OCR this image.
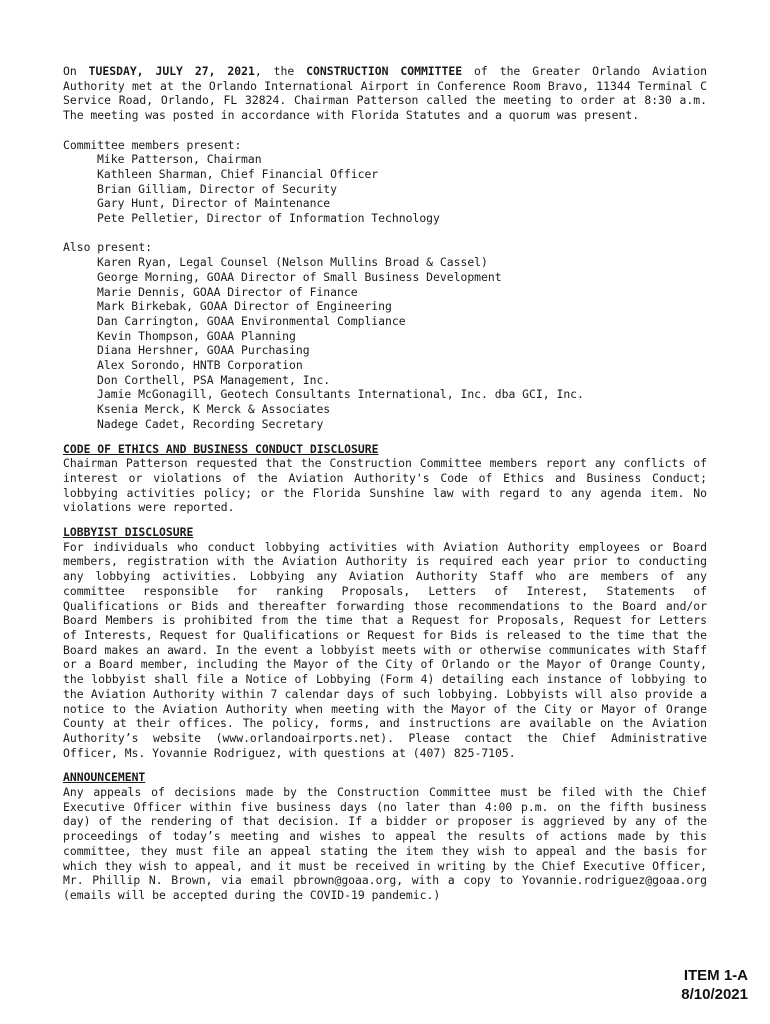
On TUESDAY, JULY 27, 2021, the CONSTRUCTION COMMITTEE of the Greater Orlando Aviation Authority met at the Orlando International Airport in Conference Room Bravo, 11344 Terminal C Service Road, Orlando, FL 32824. Chairman Patterson called the meeting to order at 8:30 a.m. The meeting was posted in accordance with Florida Statutes and a quorum was present.

Committee members present:

Mike Patterson, Chairman
Kathleen Sharman, Chief Financial Officer
Brian Gilliam, Director of Security
Gary Hunt, Director of Maintenance
Pete Pelletier, Director of Information Technology

Also present:

Karen Ryan, Legal Counsel (Nelson Mullins Broad & Cassel)
George Morning, GOAA Director of Small Business Development
Marie Dennis, GOAA Director of Finance
Mark Birkebak, GOAA Director of Engineering
Dan Carrington, GOAA Environmental Compliance
Kevin Thompson, GOAA Planning
Diana Hershner, GOAA Purchasing
Alex Sorondo, HNTB Corporation
Don Corthell, PSA Management, Inc.
Jamie McGonagill, Geotech Consultants International, Inc. dba GCI, Inc.
Ksenia Merck, K Merck & Associates
Nadege Cadet, Recording Secretary

CODE OF ETHICS AND BUSINESS CONDUCT DISCLOSURE

Chairman Patterson requested that the Construction Committee members report any conflicts of interest or violations of the Aviation Authority's Code of Ethics and Business Conduct; lobbying activities policy; or the Florida Sunshine law with regard to any agenda item. No violations were reported.

LOBBYIST DISCLOSURE

For individuals who conduct lobbying activities with Aviation Authority employees or Board members, registration with the Aviation Authority is required each year prior to conducting any lobbying activities. Lobbying any Aviation Authority Staff who are members of any committee responsible for ranking Proposals, Letters of Interest, Statements of Qualifications or Bids and thereafter forwarding those recommendations to the Board and/or Board Members is prohibited from the time that a Request for Proposals, Request for Letters of Interests, Request for Qualifications or Request for Bids is released to the time that the Board makes an award. In the event a lobbyist meets with or otherwise communicates with Staff or a Board member, including the Mayor of the City of Orlando or the Mayor of Orange County, the lobbyist shall file a Notice of Lobbying (Form 4) detailing each instance of lobbying to the Aviation Authority within 7 calendar days of such lobbying. Lobbyists will also provide a notice to the Aviation Authority when meeting with the Mayor of the City or Mayor of Orange County at their offices. The policy, forms, and instructions are available on the Aviation Authority’s website (www.orlandoairports.net). Please contact the Chief Administrative Officer, Ms. Yovannie Rodriguez, with questions at (407) 825-7105.

ANNOUNCEMENT

Any appeals of decisions made by the Construction Committee must be filed with the Chief Executive Officer within five business days (no later than 4:00 p.m. on the fifth business day) of the rendering of that decision. If a bidder or proposer is aggrieved by any of the proceedings of today’s meeting and wishes to appeal the results of actions made by this committee, they must file an appeal stating the item they wish to appeal and the basis for which they wish to appeal, and it must be received in writing by the Chief Executive Officer, Mr. Phillip N. Brown, via email pbrown@goaa.org, with a copy to Yovannie.rodriguez@goaa.org (emails will be accepted during the COVID-19 pandemic.)

ITEM 1-A
8/10/2021
